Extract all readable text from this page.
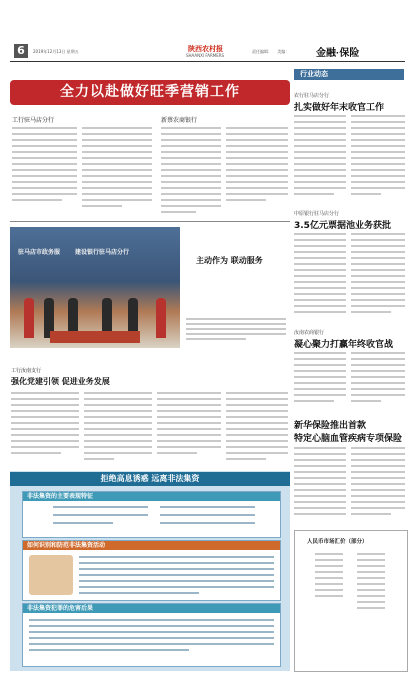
6	2019年12月13日 星期五	陕西农村报
SHAANXI FARMERS
责任编辑：　 美编：	金融·保险
全力以赴做好旺季营销工作
工行驻马店分行	新蔡农商银行
驻马店市政务服 建设银行驻马店分行
主动作为 联动服务
工行汝南支行
强化党建引领 促进业务发展
拒绝高息诱惑 远离非法集资
非法集资的主要表现特征
如何识别和防范非法集资活动
非法集资犯罪的危害后果
行业动态
农行驻马店分行
扎实做好年末收官工作
中原银行驻马店分行
3.5亿元票据池业务获批
汝南农商银行
凝心聚力打赢年终收官战
新华保险推出首款
特定心脑血管疾病专项保险
人民币市场汇价（部分）
